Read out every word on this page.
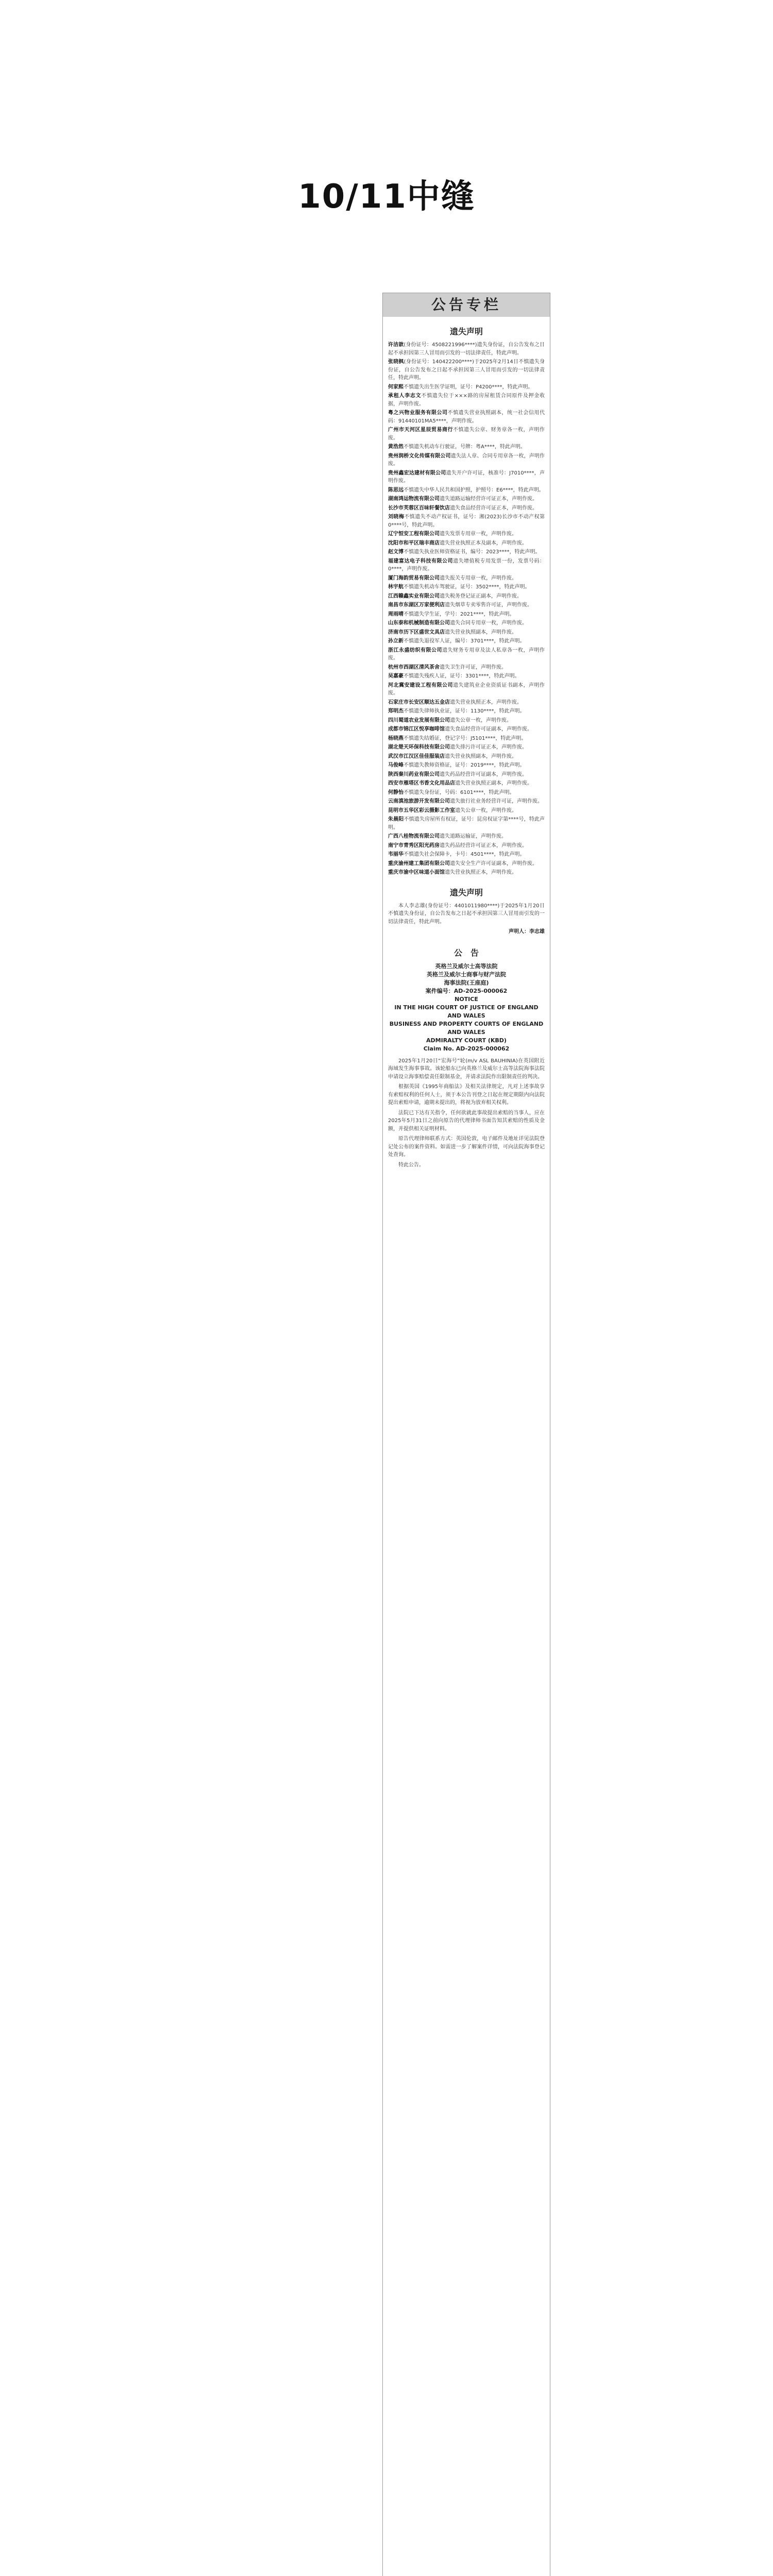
10/11中缝
公告专栏
遗失声明

许洁歆(身份证号：4508221996****)遗失身份证，自公告发布之日起不承担因第三人冒用而引发的一切法律责任，特此声明。

张晓枫(身份证号：140422200****)于2025年2月14日不慎遗失身份证，自公告发布之日起不承担因第三人冒用而引发的一切法律责任，特此声明。

何家熙不慎遗失出生医学证明，证号：P4200****，特此声明。

承租人李志文不慎遗失位于×××路的房屋租赁合同原件及押金收据，声明作废。

粤之兴物业服务有限公司不慎遗失营业执照副本，统一社会信用代码：91440101MA5****，声明作废。

广州市天河区星辰贸易商行不慎遗失公章、财务章各一枚，声明作废。

黄浩然不慎遗失机动车行驶证，号牌：粤A****，特此声明。

贵州润桥文化传媒有限公司遗失法人章、合同专用章各一枚，声明作废。

贵州鑫宏达建材有限公司遗失开户许可证，核准号：J7010****，声明作废。

陈思远不慎遗失中华人民共和国护照，护照号：E6****，特此声明。

湖南鸿运物流有限公司遗失道路运输经营许可证正本，声明作废。

长沙市芙蓉区百味轩餐饮店遗失食品经营许可证正本，声明作废。

刘晓梅不慎遗失不动产权证书，证号：湘(2023)长沙市不动产权第0****号，特此声明。

辽宁恒安工程有限公司遗失发票专用章一枚，声明作废。

沈阳市和平区瑞丰商店遗失营业执照正本及副本，声明作废。

赵文博不慎遗失执业医师资格证书，编号：2023****，特此声明。

福建富达电子科技有限公司遗失增值税专用发票一份，发票号码：0****，声明作废。

厦门海韵贸易有限公司遗失报关专用章一枚，声明作废。

林宇航不慎遗失机动车驾驶证，证号：3502****，特此声明。

江西赣鑫实业有限公司遗失税务登记证正副本，声明作废。

南昌市东湖区万家便利店遗失烟草专卖零售许可证，声明作废。

周雨晴不慎遗失学生证，学号：2021****，特此声明。

山东泰和机械制造有限公司遗失合同专用章一枚，声明作废。

济南市历下区盛世文具店遗失营业执照副本，声明作废。

孙立新不慎遗失退役军人证，编号：3701****，特此声明。

浙江永盛纺织有限公司遗失财务专用章及法人私章各一枚，声明作废。

杭州市西湖区清风茶舍遗失卫生许可证，声明作废。

吴嘉豪不慎遗失残疾人证，证号：3301****，特此声明。

河北冀安建设工程有限公司遗失建筑业企业资质证书副本，声明作废。

石家庄市长安区顺达五金店遗失营业执照正本，声明作废。

郑明杰不慎遗失律师执业证，证号：1130****，特此声明。

四川蜀道农业发展有限公司遗失公章一枚，声明作废。

成都市锦江区悦享咖啡馆遗失食品经营许可证副本，声明作废。

杨晓燕不慎遗失结婚证，登记字号：J5101****，特此声明。

湖北楚天环保科技有限公司遗失排污许可证正本，声明作废。

武汉市江汉区佳佳服装店遗失营业执照副本，声明作废。

马俊峰不慎遗失教师资格证，证号：2019****，特此声明。

陕西秦川药业有限公司遗失药品经营许可证副本，声明作废。

西安市雁塔区书香文化用品店遗失营业执照正副本，声明作废。

何静怡不慎遗失身份证，号码：6101****，特此声明。

云南滇池旅游开发有限公司遗失旅行社业务经营许可证，声明作废。

昆明市五华区彩云摄影工作室遗失公章一枚，声明作废。

朱晨阳不慎遗失房屋所有权证，证号：昆房权证字第****号，特此声明。

广西八桂物流有限公司遗失道路运输证，声明作废。

南宁市青秀区阳光药房遗失药品经营许可证正本，声明作废。

韦丽华不慎遗失社会保障卡，卡号：4501****，特此声明。

重庆渝州建工集团有限公司遗失安全生产许可证副本，声明作废。

重庆市渝中区味道小面馆遗失营业执照正本，声明作废。

遗失声明

本人李志雄(身份证号：4401011980****)于2025年1月20日不慎遗失身份证，自公告发布之日起不承担因第三人冒用而引发的一切法律责任，特此声明。

声明人：李志雄

公　告

英格兰及威尔士高等法院

英格兰及威尔士商事与财产法院

海事法院(王座庭)

案件编号：AD-2025-000062

NOTICE

IN THE HIGH COURT OF JUSTICE OF ENGLAND AND WALES

BUSINESS AND PROPERTY COURTS OF ENGLAND AND WALES

ADMIRALTY COURT (KBD)

Claim No. AD-2025-000062

2025年1月20日“宏海号”轮(m/v ASL BAUHINIA)在英国附近海域发生海事事故。该轮船东已向英格兰及威尔士高等法院海事法院申请设立海事赔偿责任限制基金，并请求法院作出限制责任的判决。

根据英国《1995年商船法》及相关法律规定，凡对上述事故享有索赔权利的任何人士，须于本公告刊登之日起在规定期限内向法院提出索赔申请，逾期未提出的，将视为放弃相关权利。

法院已下达有关指令，任何欲就此事故提出索赔的当事人，应在2025年5月31日之前向原告的代理律师书面告知其索赔的性质及金额，并提供相关证明材料。

原告代理律师联系方式：英国伦敦，电子邮件及地址详见法院登记处公布的案件资料。如需进一步了解案件详情，可向法院海事登记处查询。

特此公告。
